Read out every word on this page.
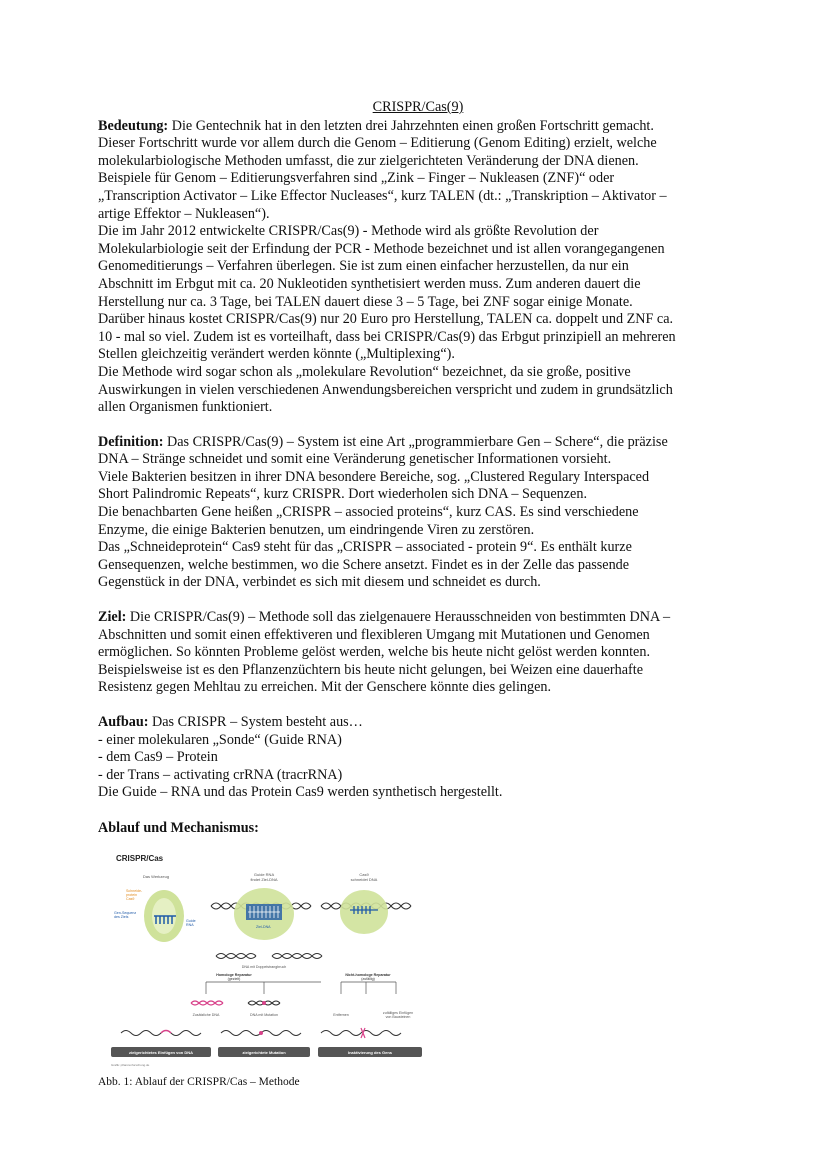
CRISPR/Cas(9)

Bedeutung: Die Gentechnik hat in den letzten drei Jahrzehnten einen großen Fortschritt gemacht.

Dieser Fortschritt wurde vor allem durch die Genom – Editierung (Genom Editing) erzielt, welche

molekularbiologische Methoden umfasst, die zur zielgerichteten Veränderung der DNA dienen.

Beispiele für Genom – Editierungsverfahren sind „Zink – Finger – Nukleasen (ZNF)“ oder

„Transcription Activator – Like Effector Nucleases“, kurz TALEN (dt.: „Transkription – Aktivator –

artige Effektor – Nukleasen“).

Die im Jahr 2012 entwickelte CRISPR/Cas(9) - Methode wird als größte Revolution der

Molekularbiologie seit der Erfindung der PCR - Methode bezeichnet und ist allen vorangegangenen

Genomeditierungs – Verfahren überlegen. Sie ist zum einen einfacher herzustellen, da nur ein

Abschnitt im Erbgut mit ca. 20 Nukleotiden synthetisiert werden muss. Zum anderen dauert die

Herstellung nur ca. 3 Tage, bei TALEN dauert diese 3 – 5 Tage, bei ZNF sogar einige Monate.

Darüber hinaus kostet CRISPR/Cas(9) nur 20 Euro pro Herstellung, TALEN ca. doppelt und ZNF ca.

10 - mal so viel. Zudem ist es vorteilhaft, dass bei CRISPR/Cas(9) das Erbgut prinzipiell an mehreren

Stellen gleichzeitig verändert werden könnte („Multiplexing“).

Die Methode wird sogar schon als „molekulare Revolution“ bezeichnet, da sie große, positive

Auswirkungen in vielen verschiedenen Anwendungsbereichen verspricht und zudem in grundsätzlich

allen Organismen funktioniert.

Definition: Das CRISPR/Cas(9) – System ist eine Art „programmierbare Gen – Schere“, die präzise

DNA – Stränge schneidet und somit eine Veränderung genetischer Informationen vorsieht.

Viele Bakterien besitzen in ihrer DNA besondere Bereiche, sog. „Clustered Regulary Interspaced

Short Palindromic Repeats“, kurz CRISPR. Dort wiederholen sich DNA – Sequenzen.

Die benachbarten Gene heißen „CRISPR – associed proteins“, kurz CAS. Es sind verschiedene

Enzyme, die einige Bakterien benutzen, um eindringende Viren zu zerstören.

Das „Schneideprotein“ Cas9 steht für das „CRISPR – associated - protein 9“. Es enthält kurze

Gensequenzen, welche bestimmen, wo die Schere ansetzt. Findet es in der Zelle das passende

Gegenstück in der DNA, verbindet es sich mit diesem und schneidet es durch.

Ziel: Die CRISPR/Cas(9) – Methode soll das zielgenauere Herausschneiden von bestimmten DNA –

Abschnitten und somit einen effektiveren und flexibleren Umgang mit Mutationen und Genomen

ermöglichen. So könnten Probleme gelöst werden, welche bis heute nicht gelöst werden konnten.

Beispielsweise ist es den Pflanzenzüchtern bis heute nicht gelungen, bei Weizen eine dauerhafte

Resistenz gegen Mehltau zu erreichen. Mit der Genschere könnte dies gelingen.

Aufbau: Das CRISPR – System besteht aus…

- einer molekularen „Sonde“ (Guide RNA)

- dem Cas9 – Protein

- der Trans – activating crRNA (tracrRNA)

Die Guide – RNA und das Protein Cas9 werden synthetisch hergestellt.

Ablauf und Mechanismus:

CRISPR/Cas
Das Werkzeug	Guide RNA
findet Ziel-DNA
Cas9
schneidet DNA
Schneide-
protein
Cas9
Gen-Sequenz
des Ziels
Guide
RNA	Ziel-DNA
DNA mit Doppelstrangbruch
Homologe Reparatur
(gezielt)
Nicht-homologe Reparatur
(zufällig)
Zusätzliche DNA	DNA mit Mutation	Entfernen	zufälliges Einfügen
von Bausteinen
zielgerichtetes Einfügen von DNA	zielgerichtete Mutation	Inaktivierung des Gens
Grafik: pflanzenforschung.de

Abb. 1: Ablauf der CRISPR/Cas – Methode
